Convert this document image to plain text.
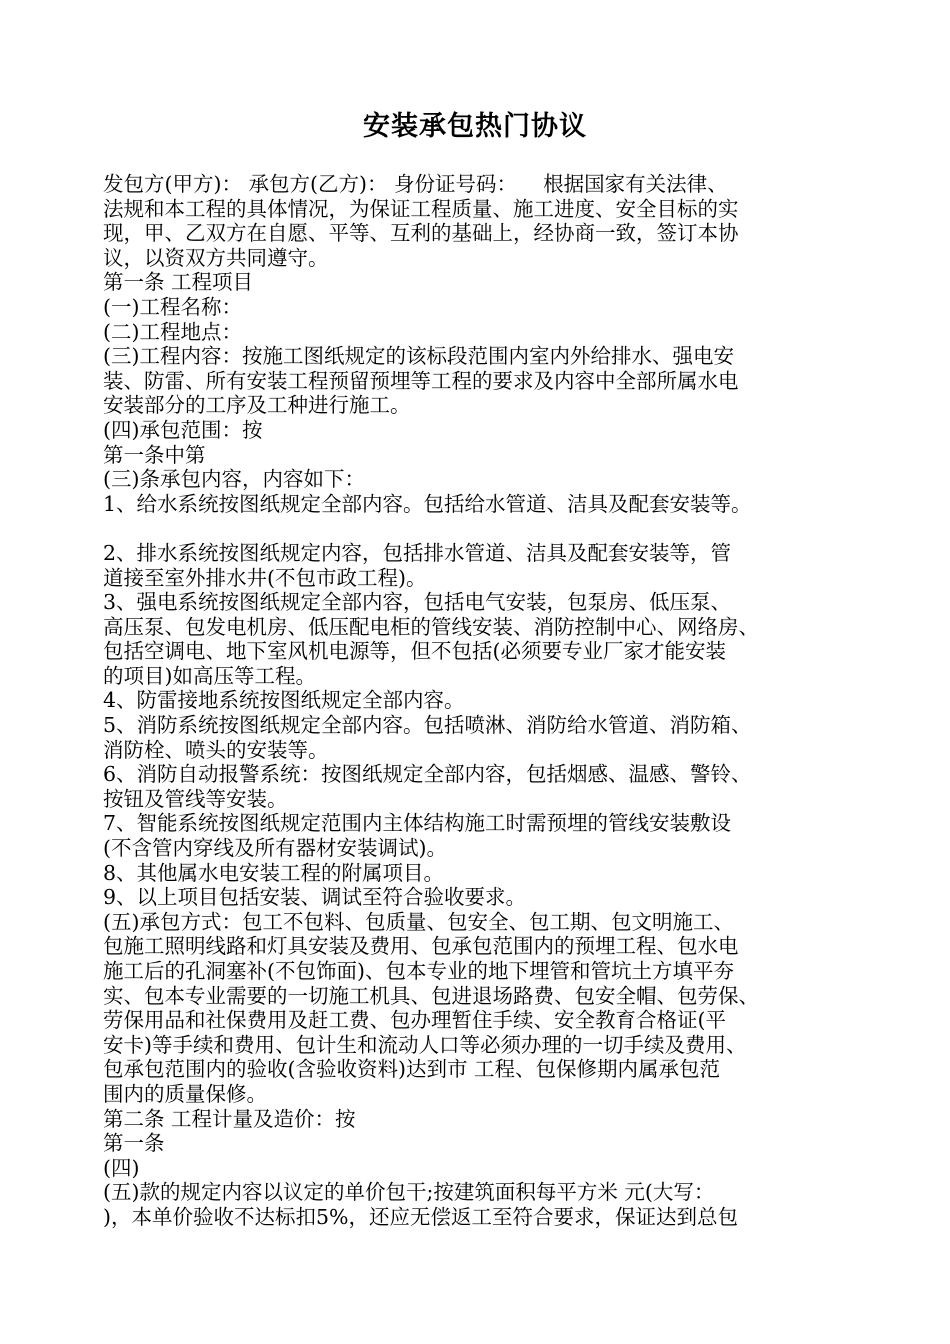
安装承包热门协议
发包方(甲方)： 承包方(乙方)： 身份证号码：    根据国家有关法律、
法规和本工程的具体情况，为保证工程质量、施工进度、安全目标的实
现，甲、乙双方在自愿、平等、互利的基础上，经协商一致，签订本协
议，以资双方共同遵守。
第一条 工程项目
(一)工程名称：
(二)工程地点：
(三)工程内容：按施工图纸规定的该标段范围内室内外给排水、强电安
装、防雷、所有安装工程预留预埋等工程的要求及内容中全部所属水电
安装部分的工序及工种进行施工。
(四)承包范围：按
第一条中第
(三)条承包内容，内容如下：
1、给水系统按图纸规定全部内容。包括给水管道、洁具及配套安装等。
2、排水系统按图纸规定内容，包括排水管道、洁具及配套安装等，管
道接至室外排水井(不包市政工程)。
3、强电系统按图纸规定全部内容，包括电气安装，包泵房、低压泵、
高压泵、包发电机房、低压配电柜的管线安装、消防控制中心、网络房、
包括空调电、地下室风机电源等，但不包括(必须要专业厂家才能安装
的项目)如高压等工程。
4、防雷接地系统按图纸规定全部内容。
5、消防系统按图纸规定全部内容。包括喷淋、消防给水管道、消防箱、
消防栓、喷头的安装等。
6、消防自动报警系统：按图纸规定全部内容，包括烟感、温感、警铃、
按钮及管线等安装。
7、智能系统按图纸规定范围内主体结构施工时需预埋的管线安装敷设
(不含管内穿线及所有器材安装调试)。
8、其他属水电安装工程的附属项目。
9、以上项目包括安装、调试至符合验收要求。
(五)承包方式：包工不包料、包质量、包安全、包工期、包文明施工、
包施工照明线路和灯具安装及费用、包承包范围内的预埋工程、包水电
施工后的孔洞塞补(不包饰面)、包本专业的地下埋管和管坑土方填平夯
实、包本专业需要的一切施工机具、包进退场路费、包安全帽、包劳保、
劳保用品和社保费用及赶工费、包办理暂住手续、安全教育合格证(平
安卡)等手续和费用、包计生和流动人口等必须办理的一切手续及费用、
包承包范围内的验收(含验收资料)达到市 工程、包保修期内属承包范
围内的质量保修。
第二条 工程计量及造价：按
第一条
(四)
(五)款的规定内容以议定的单价包干;按建筑面积每平方米 元(大写：
)，本单价验收不达标扣5%，还应无偿返工至符合要求，保证达到总包
